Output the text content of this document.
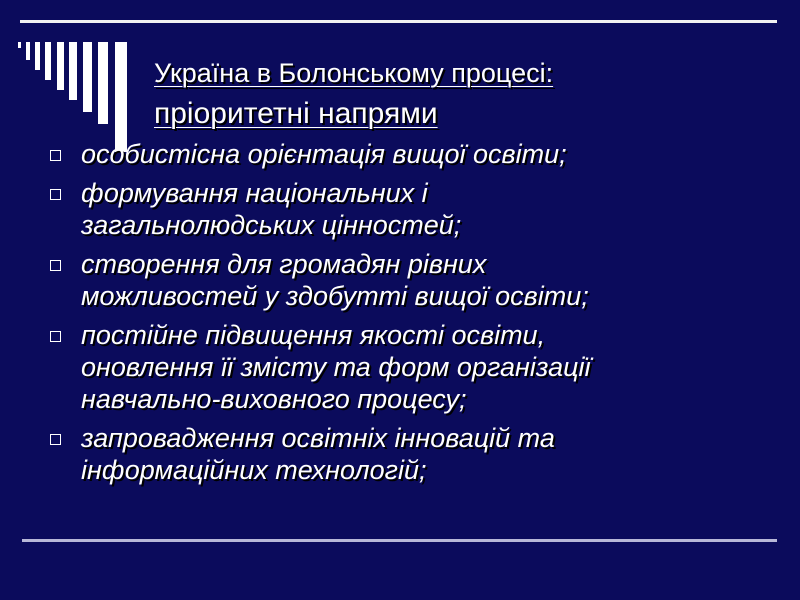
Україна в Болонському процесі:
пріоритетні напрями
особистісна орієнтація вищої освіти;
формування національних і
загальнолюдських цінностей;
створення для громадян рівних
можливостей у здобутті вищої освіти;
постійне підвищення якості освіти,
оновлення її змісту та форм організації
навчально-виховного процесу;
запровадження освітніх інновацій та
інформаційних технологій;
